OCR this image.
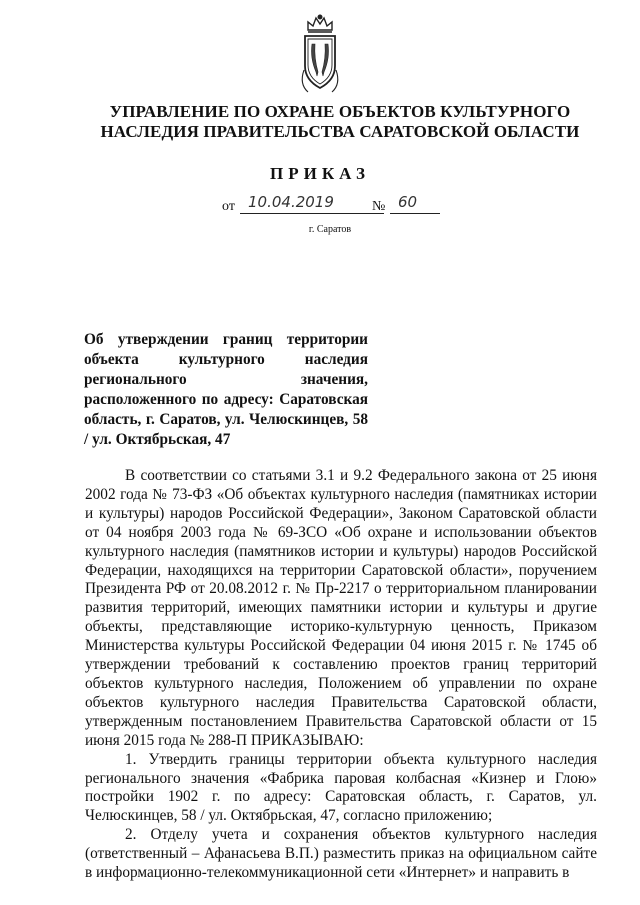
УПРАВЛЕНИЕ ПО ОХРАНЕ ОБЪЕКТОВ КУЛЬТУРНОГО
НАСЛЕДИЯ ПРАВИТЕЛЬСТВА САРАТОВСКОЙ ОБЛАСТИ
ПРИКАЗ
от 10.04.2019	№ 60
г. Саратов
Об утверждении границ территории
объекта культурного наследия
регионального значения,
расположенного по адресу: Саратовская
область, г. Саратов, ул. Челюскинцев, 58
/ ул. Октябрьская, 47

В соответствии со статьями 3.1 и 9.2 Федерального закона от 25 июня 2002 года № 73-ФЗ «Об объектах культурного наследия (памятниках истории и культуры) народов Российской Федерации», Законом Саратовской области от 04 ноября 2003 года № 69-ЗСО «Об охране и использовании объектов культурного наследия (памятников истории и культуры) народов Российской Федерации, находящихся на территории Саратовской области», поручением Президента РФ от 20.08.2012 г. № Пр-2217 о территориальном планировании развития территорий, имеющих памятники истории и культуры и другие объекты, представляющие историко-культурную ценность, Приказом Министерства культуры Российской Федерации 04 июня 2015 г. № 1745 об утверждении требований к составлению проектов границ территорий объектов культурного наследия, Положением об управлении по охране объектов культурного наследия Правительства Саратовской области, утвержденным постановлением Правительства Саратовской области от 15 июня 2015 года № 288-П ПРИКАЗЫВАЮ:

1. Утвердить границы территории объекта культурного наследия регионального значения «Фабрика паровая колбасная «Кизнер и Глою» постройки 1902 г. по адресу: Саратовская область, г. Саратов, ул. Челюскинцев, 58 / ул. Октябрьская, 47, согласно приложению;

2. Отделу учета и сохранения объектов культурного наследия (ответственный – Афанасьева В.П.) разместить приказ на официальном сайте в информационно-телекоммуникационной сети «Интернет» и направить в
